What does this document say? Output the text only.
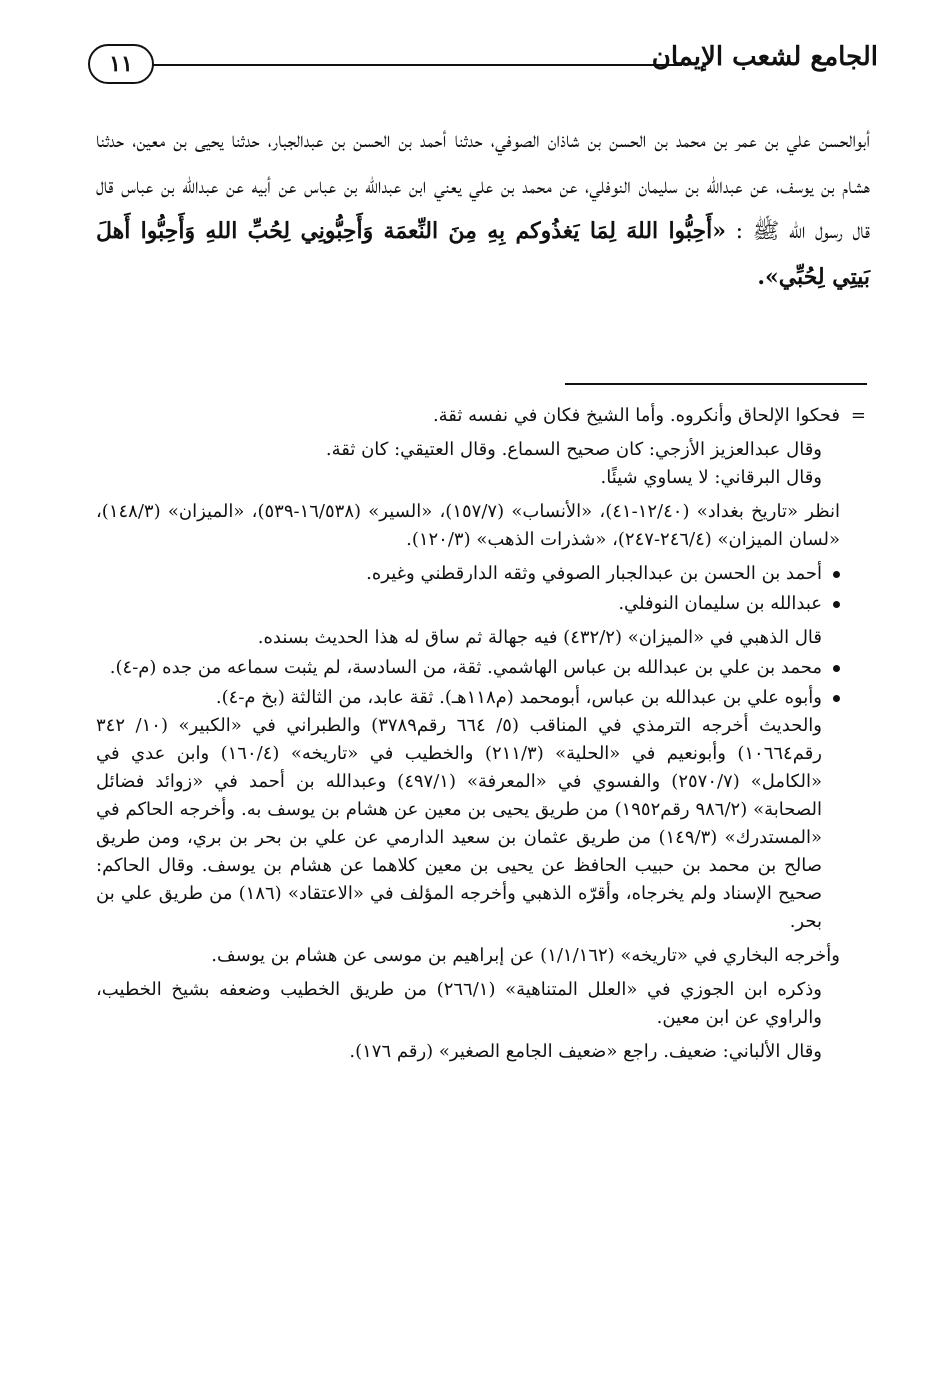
١١	الجامع لشعب الإيمان

أبوالحسن علي بن عمر بن محمد بن الحسن بن شاذان الصوفي، حدثنا أحمد بن الحسن بن عبدالجبار، حدثنا يحيى بن معين، حدثنا هشام بن يوسف، عن عبدالله بن سليمان النوفلي، عن محمد بن علي يعني ابن عبدالله بن عباس عن أبيه عن عبدالله بن عباس قال قال رسول الله ﷺ : «أَحِبُّوا اللهَ لِمَا يَغذُوكم بِهِ مِنَ النِّعمَة وَأَحِبُّونِي لِحُبِّ اللهِ وَأَحِبُّوا أَهلَ بَيتِي لِحُبِّي».

=
فحكوا الإلحاق وأنكروه. وأما الشيخ فكان في نفسه ثقة.

وقال عبدالعزيز الأزجي: كان صحيح السماع. وقال العتيقي: كان ثقة.

وقال البرقاني: لا يساوي شيئًا.

انظر «تاريخ بغداد» (١٢/٤٠-٤١)، «الأنساب» (١٥٧/٧)، «السير» (١٦/٥٣٨-٥٣٩)، «الميزان» (١٤٨/٣)، «لسان الميزان» (٢٤٦/٤-٢٤٧)، «شذرات الذهب» (١٢٠/٣).

أحمد بن الحسن بن عبدالجبار الصوفي وثقه الدارقطني وغيره.

عبدالله بن سليمان النوفلي.

قال الذهبي في «الميزان» (٤٣٢/٢) فيه جهالة ثم ساق له هذا الحديث بسنده.

محمد بن علي بن عبدالله بن عباس الهاشمي. ثقة، من السادسة، لم يثبت سماعه من جده (م-٤).

وأبوه علي بن عبدالله بن عباس، أبومحمد (م١١٨هـ). ثقة عابد، من الثالثة (بخ م-٤).

والحديث أخرجه الترمذي في المناقب (٥/ ٦٦٤ رقم٣٧٨٩) والطبراني في «الكبير» (١٠/ ٣٤٢ رقم١٠٦٦٤) وأبونعيم في «الحلية» (٢١١/٣) والخطيب في «تاريخه» (١٦٠/٤) وابن عدي في «الكامل» (٢٥٧٠/٧) والفسوي في «المعرفة» (٤٩٧/١) وعبدالله بن أحمد في «زوائد فضائل الصحابة» (٩٨٦/٢ رقم١٩٥٢) من طريق يحيى بن معين عن هشام بن يوسف به. وأخرجه الحاكم في «المستدرك» (١٤٩/٣) من طريق عثمان بن سعيد الدارمي عن علي بن بحر بن بري، ومن طريق صالح بن محمد بن حبيب الحافظ عن يحيى بن معين كلاهما عن هشام بن يوسف. وقال الحاكم: صحيح الإسناد ولم يخرجاه، وأقرّه الذهبي وأخرجه المؤلف في «الاعتقاد» (١٨٦) من طريق علي بن بحر.

وأخرجه البخاري في «تاريخه» (١/١/١٦٢) عن إبراهيم بن موسى عن هشام بن يوسف.

وذكره ابن الجوزي في «العلل المتناهية» (٢٦٦/١) من طريق الخطيب وضعفه بشيخ الخطيب، والراوي عن ابن معين.

وقال الألباني: ضعيف. راجع «ضعيف الجامع الصغير» (رقم ١٧٦).
